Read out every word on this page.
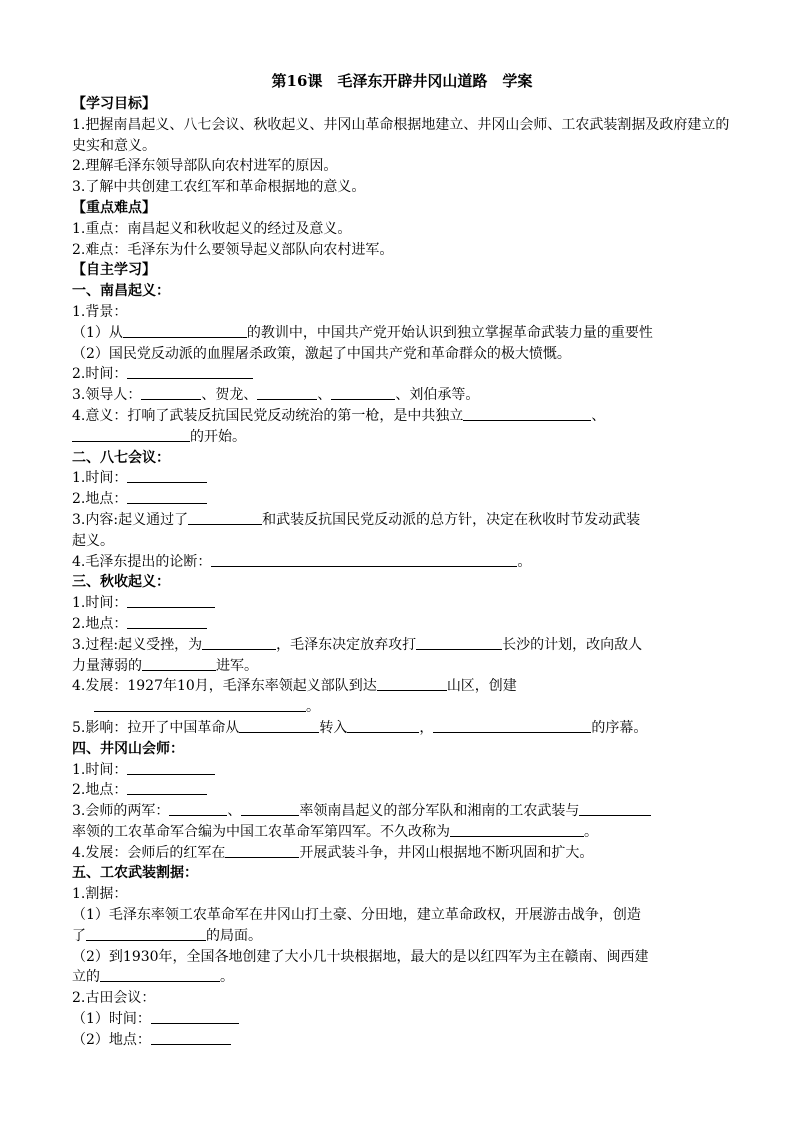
第16课　毛泽东开辟井冈山道路　学案
【学习目标】
1.把握南昌起义、八七会议、秋收起义、井冈山革命根据地建立、井冈山会师、工农武装割据及政府建立的史实和意义。
2.理解毛泽东领导部队向农村进军的原因。
3.了解中共创建工农红军和革命根据地的意义。
【重点难点】
1.重点：南昌起义和秋收起义的经过及意义。
2.难点：毛泽东为什么要领导起义部队向农村进军。
【自主学习】
一、南昌起义：
1.背景：
（1）从	的教训中，中国共产党开始认识到独立掌握革命武装力量的重要性
（2）国民党反动派的血腥屠杀政策，激起了中国共产党和革命群众的极大愤慨。
2.时间：
3.领导人：	、贺龙、	、	、刘伯承等。
4.意义：打响了武装反抗国民党反动统治的第一枪，是中共独立	、
的开始。
二、八七会议：
1.时间：
2.地点：
3.内容:起义通过了	和武装反抗国民党反动派的总方针，决定在秋收时节发动武装
起义。
4.毛泽东提出的论断：	。
三、秋收起义：
1.时间：
2.地点：
3.过程:起义受挫，为	，毛泽东决定放弃攻打	长沙的计划，改向敌人
力量薄弱的	进军。
4.发展：1927年10月，毛泽东率领起义部队到达	山区，创建
。
5.影响：拉开了中国革命从	转入	，	的序幕。
四、井冈山会师：
1.时间：
2.地点：
3.会师的两军：	、	率领南昌起义的部分军队和湘南的工农武装与
率领的工农革命军合编为中国工农革命军第四军。不久改称为	。
4.发展：会师后的红军在	开展武装斗争，井冈山根据地不断巩固和扩大。
五、工农武装割据：
1.割据：
（1）毛泽东率领工农革命军在井冈山打土豪、分田地，建立革命政权，开展游击战争，创造
了	的局面。
（2）到1930年，全国各地创建了大小几十块根据地，最大的是以红四军为主在赣南、闽西建
立的	。
2.古田会议：
（1）时间：
（2）地点：
